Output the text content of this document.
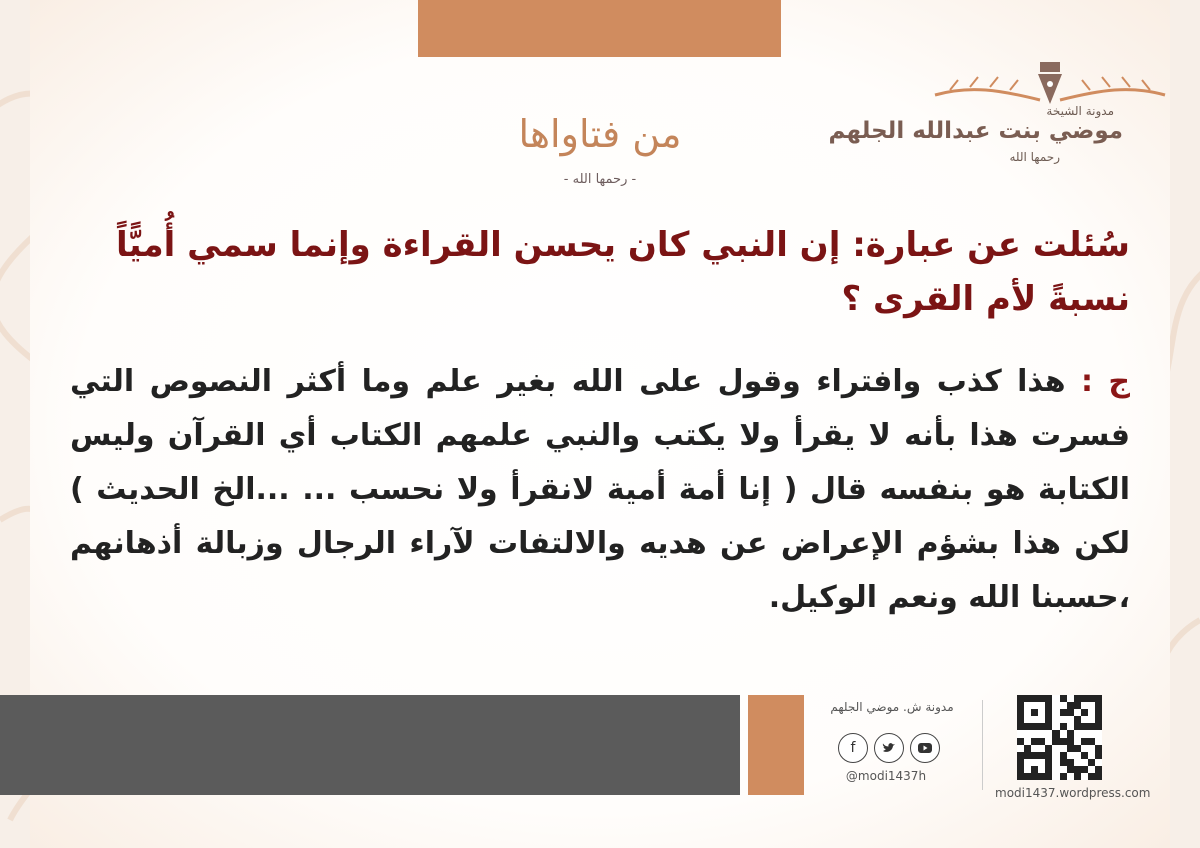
مدونة الشيخة
موضي بنت عبدالله الجلهم
رحمها الله
من فتاواها
- رحمها الله -
سُئلت عن عبارة: إن النبي كان يحسن القراءة وإنما سمي أُميًّاً نسبةً لأم القرى ؟
ج : هذا كذب وافتراء وقول على الله بغير علم وما أكثر النصوص التي فسرت هذا بأنه لا يقرأ ولا يكتب والنبي علمهم الكتاب أي القرآن وليس الكتابة هو بنفسه قال ( إنا أمة أمية لانقرأ ولا نحسب ... ...الخ الحديث ) لكن هذا بشؤم الإعراض عن هديه والالتفات لآراء الرجال وزبالة أذهانهم ،حسبنا الله ونعم الوكيل.
مدونة ش. موضي الجلهم
f
@modi1437h
modi1437.wordpress.com
